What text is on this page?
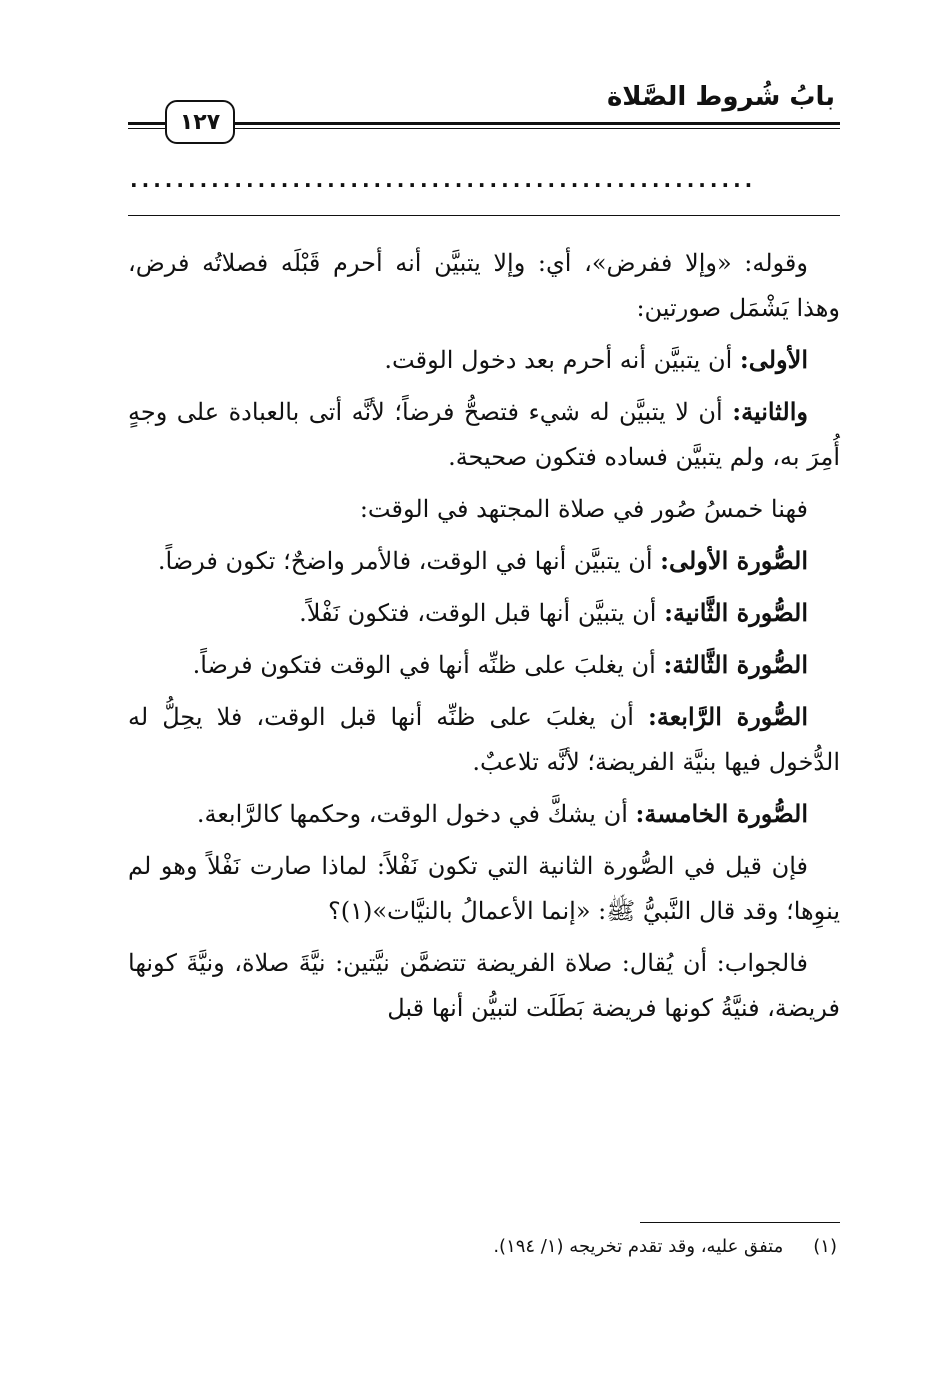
بابُ شُروط الصَّلاة
١٢٧
......................................................

وقوله: «وإلا ففرض»، أي: وإلا يتبيَّن أنه أحرم قَبْلَه فصلاتُه فرض، وهذا يَشْمَل صورتين:

الأولى: أن يتبيَّن أنه أحرم بعد دخول الوقت.

والثانية: أن لا يتبيَّن له شيء فتصحُّ فرضاً؛ لأنَّه أتى بالعبادة على وجهٍ أُمِرَ به، ولم يتبيَّن فساده فتكون صحيحة.

فهنا خمسُ صُور في صلاة المجتهد في الوقت:

الصُّورة الأولى: أن يتبيَّن أنها في الوقت، فالأمر واضحٌ؛ تكون فرضاً.

الصُّورة الثَّانية: أن يتبيَّن أنها قبل الوقت، فتكون نَفْلاً.

الصُّورة الثَّالثة: أن يغلبَ على ظنِّه أنها في الوقت فتكون فرضاً.

الصُّورة الرَّابعة: أن يغلبَ على ظنِّه أنها قبل الوقت، فلا يحِلُّ له الدُّخول فيها بنيَّة الفريضة؛ لأنَّه تلاعبٌ.

الصُّورة الخامسة: أن يشكَّ في دخول الوقت، وحكمها كالرَّابعة.

فإن قيل في الصُّورة الثانية التي تكون نَفْلاً: لماذا صارت نَفْلاً وهو لم ينوِها؛ وقد قال النَّبيُّ ﷺ: «إنما الأعمالُ بالنيَّات»(١)؟

فالجواب: أن يُقال: صلاة الفريضة تتضمَّن نيَّتين: نيَّةَ صلاة، ونيَّةَ كونها فريضة، فنيَّةُ كونها فريضة بَطَلَت لتبيُّن أنها قبل

(١)متفق عليه، وقد تقدم تخريجه (١/ ١٩٤).
